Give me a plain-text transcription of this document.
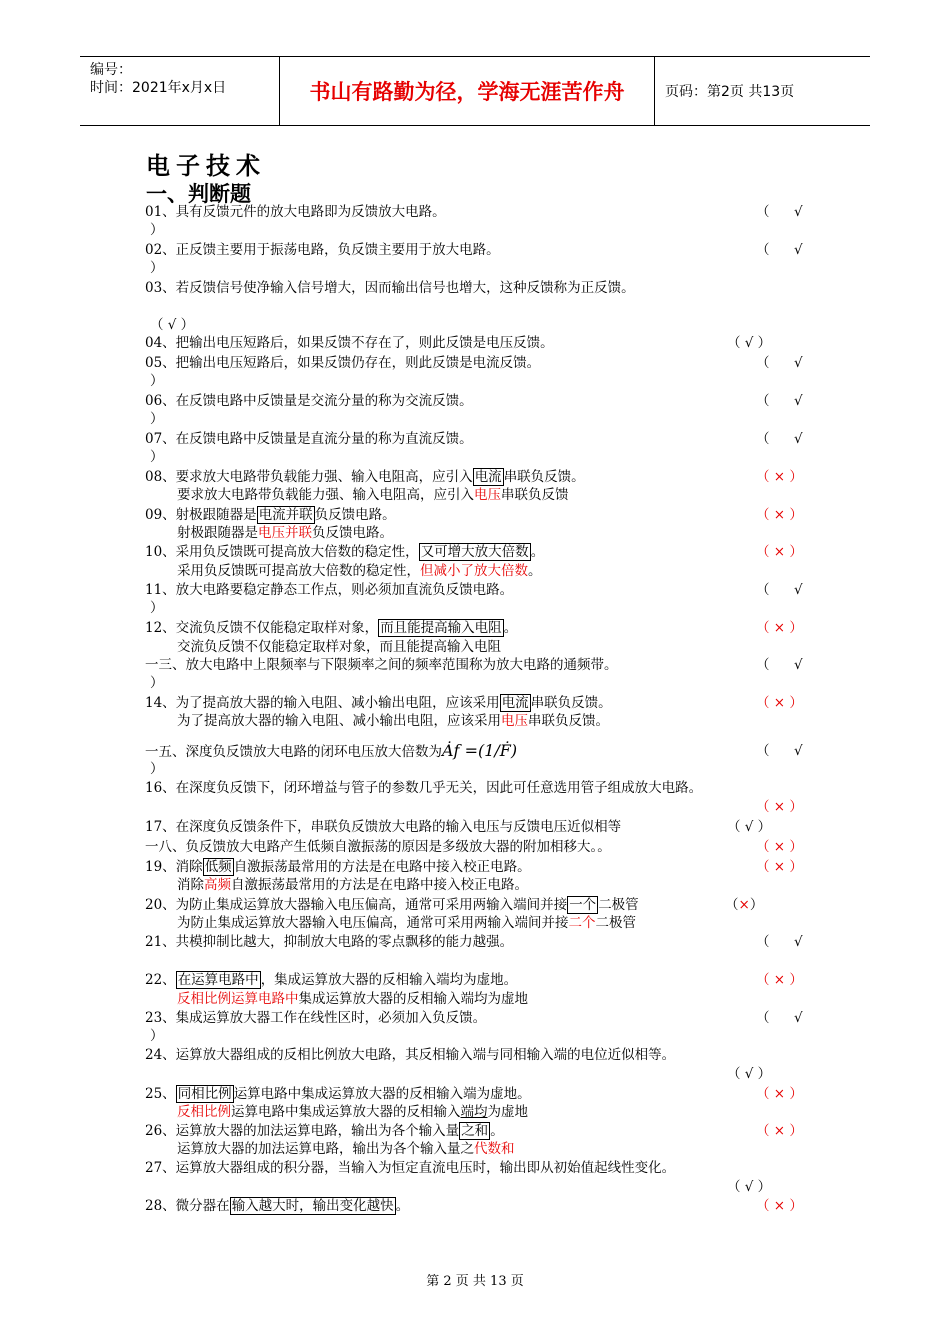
编号：
时间：2021年x月x日	书山有路勤为径，学海无涯苦作舟	页码：第2页 共13页
电子技术
一、判断题
01、具有反馈元件的放大电路即为反馈放大电路。	（ √
）
02、正反馈主要用于振荡电路，负反馈主要用于放大电路。	（ √
）
03、若反馈信号使净输入信号增大，因而输出信号也增大，这种反馈称为正反馈。
（ √ ）
04、把输出电压短路后，如果反馈不存在了，则此反馈是电压反馈。	（ √ ）
05、把输出电压短路后，如果反馈仍存在，则此反馈是电流反馈。	（ √
）
06、在反馈电路中反馈量是交流分量的称为交流反馈。	（ √
）
07、在反馈电路中反馈量是直流分量的称为直流反馈。	（ √
）
08、要求放大电路带负载能力强、输入电阻高，应引入 电流 串联负反馈。	（ × ）
要求放大电路带负载能力强、输入电阻高，应引入电压串联负反馈
09、射极跟随器是 电流并联 负反馈电路。	（ × ）
射极跟随器是电压并联负反馈电路。
10、采用负反馈既可提高放大倍数的稳定性， 又可增大放大倍数 。	（ × ）
采用负反馈既可提高放大倍数的稳定性，但减小了放大倍数。
11、放大电路要稳定静态工作点，则必须加直流负反馈电路。	（ √
）
12、交流负反馈不仅能稳定取样对象， 而且能提高输入电阻 。	（ × ）
交流负反馈不仅能稳定取样对象，而且能提高输入电阻
一三、放大电路中上限频率与下限频率之间的频率范围称为放大电路的通频带。	（ √
）
14、为了提高放大器的输入电阻、减小输出电阻，应该采用 电流 串联负反馈。	（ × ）
为了提高放大器的输入电阻、减小输出电阻，应该采用电压串联负反馈。
一五、深度负反馈放大电路的闭环电压放大倍数为Ȧf =(1/Ḟ)	（ √
）
16、在深度负反馈下，闭环增益与管子的参数几乎无关，因此可任意选用管子组成放大电路。
（ × ）
17、在深度负反馈条件下，串联负反馈放大电路的输入电压与反馈电压近似相等	（ √ ）
一八、负反馈放大电路产生低频自激振荡的原因是多级放大器的附加相移大。。	（ × ）
19、消除 低频 自激振荡最常用的方法是在电路中接入校正电路。	（ × ）
消除高频自激振荡最常用的方法是在电路中接入校正电路。
20、为防止集成运算放大器输入电压偏高，通常可采用两输入端间并接 一个 二极管	（×）
为防止集成运算放大器输入电压偏高，通常可采用两输入端间并接二个二极管
21、共模抑制比越大，抑制放大电路的零点飘移的能力越强。	（ √
22、 在运算电路中 ，集成运算放大器的反相输入端均为虚地。	（ × ）
反相比例运算电路中集成运算放大器的反相输入端均为虚地
23、集成运算放大器工作在线性区时，必须加入负反馈。	（ √
）
24、运算放大器组成的反相比例放大电路，其反相输入端与同相输入端的电位近似相等。
（ √ ）
25、 同相比例 运算电路中集成运算放大器的反相输入端为虚地。	（ × ）
反相比例运算电路中集成运算放大器的反相输入端均为虚地
26、运算放大器的加法运算电路，输出为各个输入量 之和 。	（ × ）
运算放大器的加法运算电路，输出为各个输入量之代数和
27、运算放大器组成的积分器，当输入为恒定直流电压时，输出即从初始值起线性变化。
（ √ ）
28、微分器在 输入越大时，输出变化越快 。	（ × ）
第 2 页 共 13 页
